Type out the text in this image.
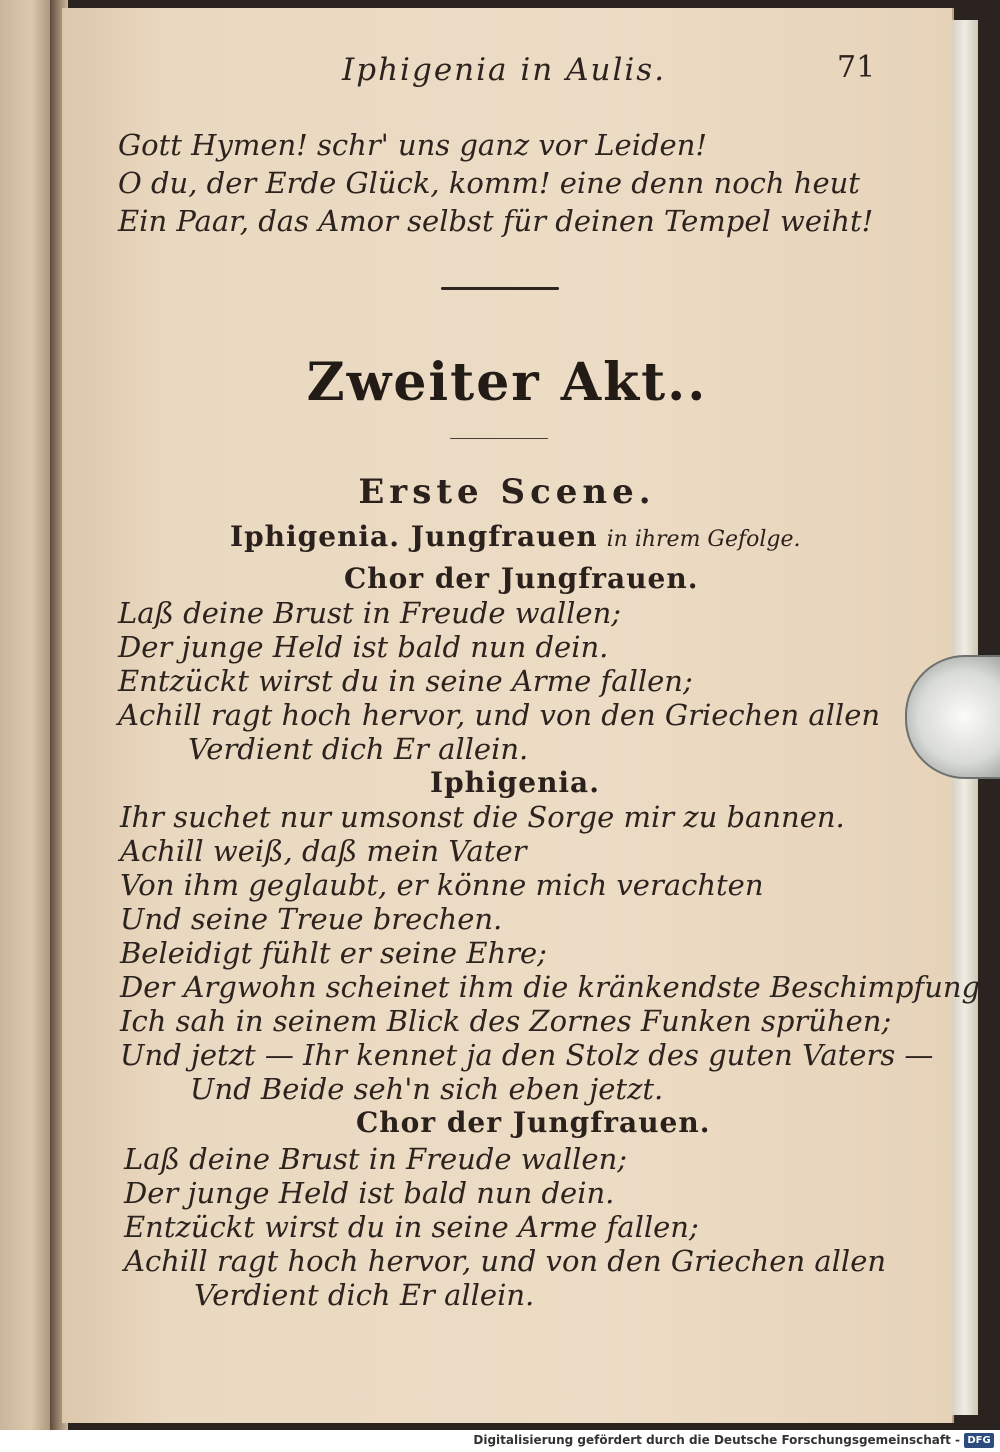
Iphigenia in Aulis.	71
Gott Hymen! schr' uns ganz vor Leiden!
O du, der Erde Glück, komm! eine denn noch heut
Ein Paar, das Amor selbst für deinen Tempel weiht!
Zweiter Akt..
Erste Scene.
Iphigenia. Jungfrauen in ihrem Gefolge.
Chor der Jungfrauen.
Laß deine Brust in Freude wallen;
Der junge Held ist bald nun dein.
Entzückt wirst du in seine Arme fallen;
Achill ragt hoch hervor, und von den Griechen allen
Verdient dich Er allein.
Iphigenia.
Ihr suchet nur umsonst die Sorge mir zu bannen.
Achill weiß, daß mein Vater
Von ihm geglaubt, er könne mich verachten
Und seine Treue brechen.
Beleidigt fühlt er seine Ehre;
Der Argwohn scheinet ihm die kränkendste Beschimpfung.
Ich sah in seinem Blick des Zornes Funken sprühen;
Und jetzt — Ihr kennet ja den Stolz des guten Vaters —
Und Beide seh'n sich eben jetzt.
Chor der Jungfrauen.
Laß deine Brust in Freude wallen;
Der junge Held ist bald nun dein.
Entzückt wirst du in seine Arme fallen;
Achill ragt hoch hervor, und von den Griechen allen
Verdient dich Er allein.
Digitalisierung gefördert durch die Deutsche Forschungsgemeinschaft - DFG
